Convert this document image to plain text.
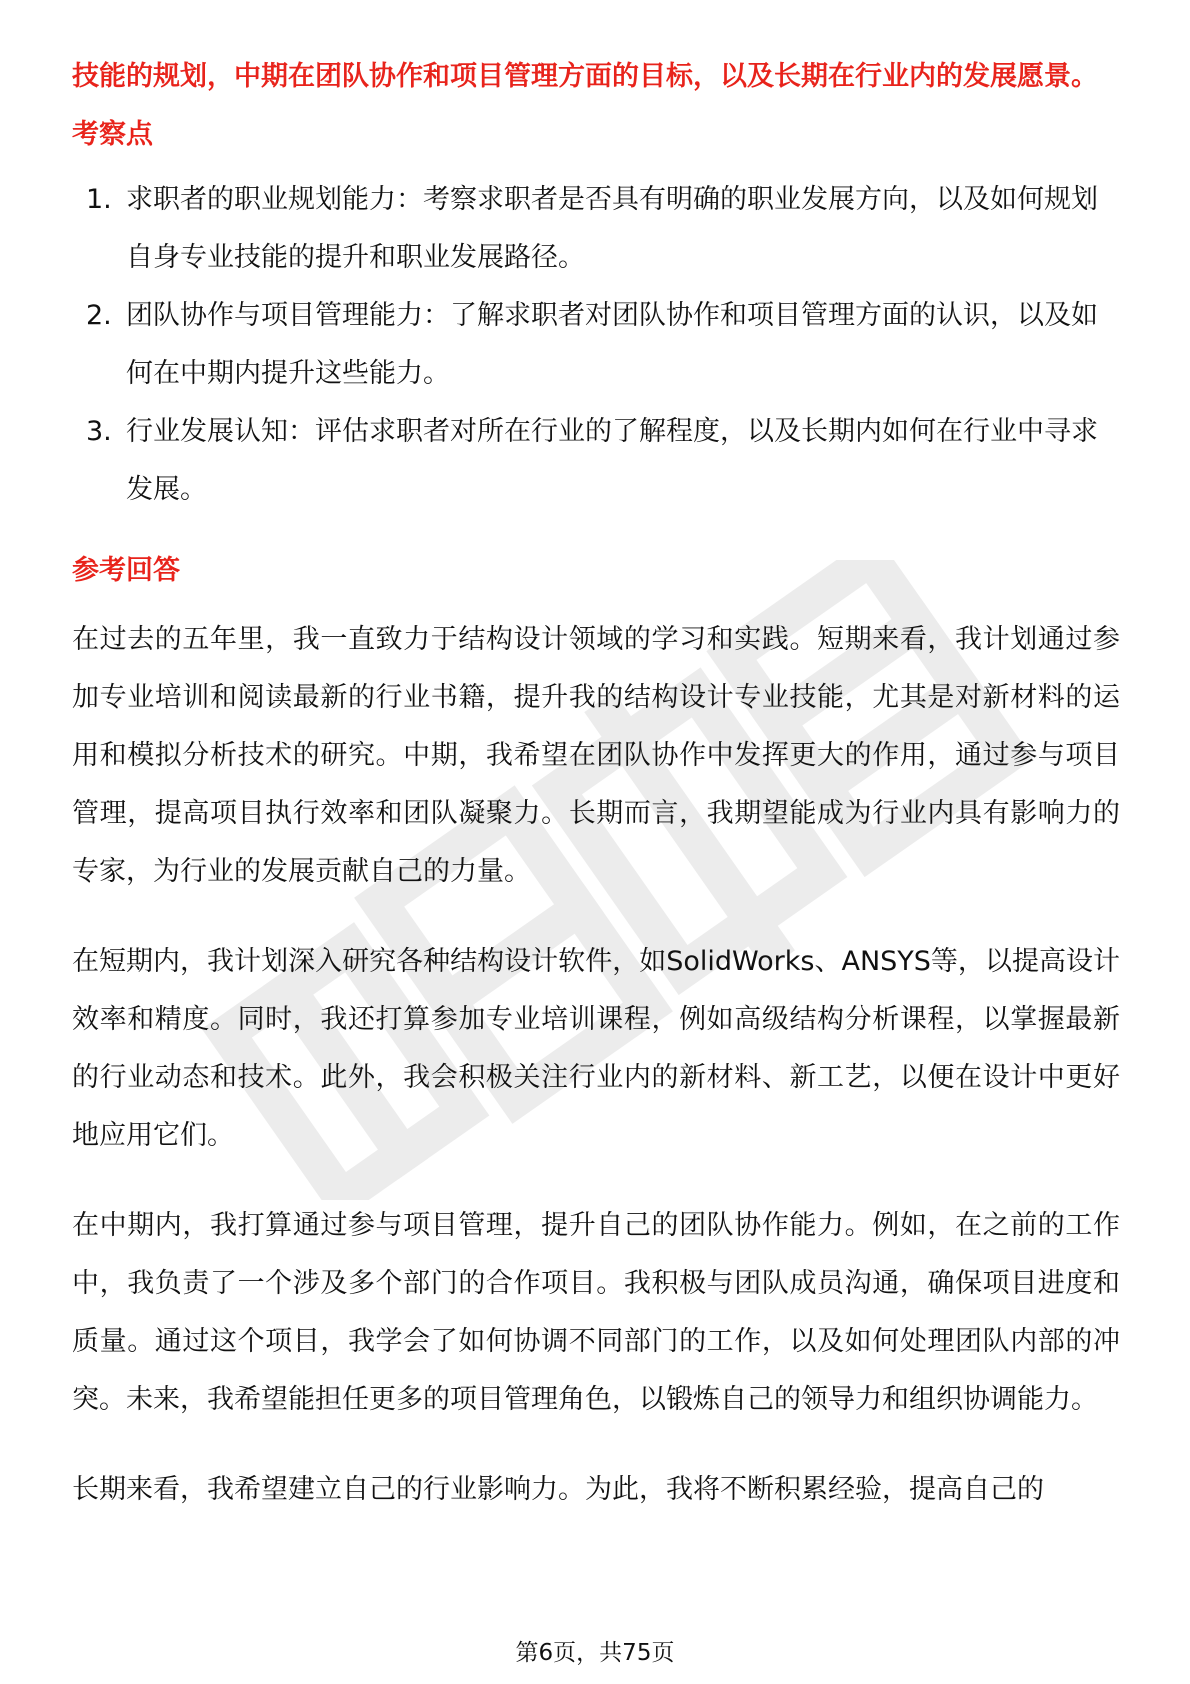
技能的规划，中期在团队协作和项目管理方面的目标，以及长期在行业内的发展愿景。

考察点
1. 求职者的职业规划能力：考察求职者是否具有明确的职业发展方向，以及如何规划自身专业技能的提升和职业发展路径。
2. 团队协作与项目管理能力：了解求职者对团队协作和项目管理方面的认识，以及如何在中期内提升这些能力。
3. 行业发展认知：评估求职者对所在行业的了解程度，以及长期内如何在行业中寻求发展。
参考回答

在过去的五年里，我一直致力于结构设计领域的学习和实践。短期来看，我计划通过参加专业培训和阅读最新的行业书籍，提升我的结构设计专业技能，尤其是对新材料的运用和模拟分析技术的研究。中期，我希望在团队协作中发挥更大的作用，通过参与项目管理，提高项目执行效率和团队凝聚力。长期而言，我期望能成为行业内具有影响力的专家，为行业的发展贡献自己的力量。

在短期内，我计划深入研究各种结构设计软件，如SolidWorks、ANSYS等，以提高设计效率和精度。同时，我还打算参加专业培训课程，例如高级结构分析课程，以掌握最新的行业动态和技术。此外，我会积极关注行业内的新材料、新工艺，以便在设计中更好地应用它们。

在中期内，我打算通过参与项目管理，提升自己的团队协作能力。例如，在之前的工作中，我负责了一个涉及多个部门的合作项目。我积极与团队成员沟通，确保项目进度和质量。通过这个项目，我学会了如何协调不同部门的工作，以及如何处理团队内部的冲突。未来，我希望能担任更多的项目管理角色，以锻炼自己的领导力和组织协调能力。

长期来看，我希望建立自己的行业影响力。为此，我将不断积累经验，提高自己的

第6页，共75页
